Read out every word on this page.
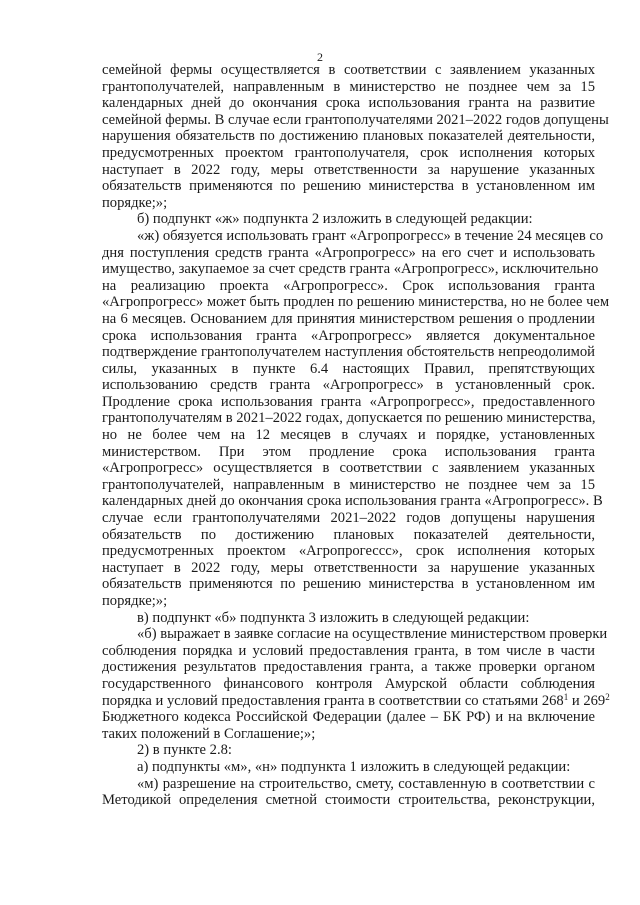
2
семейной фермы осуществляется в соответствии с заявлением указанных
грантополучателей, направленным в министерство не позднее чем за 15
календарных дней до окончания срока использования гранта на развитие
семейной фермы. В случае если грантополучателями 2021–2022 годов допущены
нарушения обязательств по достижению плановых показателей деятельности,
предусмотренных проектом грантополучателя, срок исполнения которых
наступает в 2022 году, меры ответственности за нарушение указанных
обязательств применяются по решению министерства в установленном им
порядке;»;
б) подпункт «ж» подпункта 2 изложить в следующей редакции:
«ж) обязуется использовать грант «Агропрогресс» в течение 24 месяцев со
дня поступления средств гранта «Агропрогресс» на его счет и использовать
имущество, закупаемое за счет средств гранта «Агропрогресс», исключительно
на реализацию проекта «Агропрогресс». Срок использования гранта
«Агропрогресс» может быть продлен по решению министерства, но не более чем
на 6 месяцев. Основанием для принятия министерством решения о продлении
срока использования гранта «Агропрогресс» является документальное
подтверждение грантополучателем наступления обстоятельств непреодолимой
силы, указанных в пункте 6.4 настоящих Правил, препятствующих
использованию средств гранта «Агропрогресс» в установленный срок.
Продление срока использования гранта «Агропрогресс», предоставленного
грантополучателям в 2021–2022 годах, допускается по решению министерства,
но не более чем на 12 месяцев в случаях и порядке, установленных
министерством. При этом продление срока использования гранта
«Агропрогресс» осуществляется в соответствии с заявлением указанных
грантополучателей, направленным в министерство не позднее чем за 15
календарных дней до окончания срока использования гранта «Агропрогресс». В
случае если грантополучателями 2021–2022 годов допущены нарушения
обязательств по достижению плановых показателей деятельности,
предусмотренных проектом «Агропрогессс», срок исполнения которых
наступает в 2022 году, меры ответственности за нарушение указанных
обязательств применяются по решению министерства в установленном им
порядке;»;
в) подпункт «б» подпункта 3 изложить в следующей редакции:
«б) выражает в заявке согласие на осуществление министерством проверки
соблюдения порядка и условий предоставления гранта, в том числе в части
достижения результатов предоставления гранта, а также проверки органом
государственного финансового контроля Амурской области соблюдения
порядка и условий предоставления гранта в соответствии со статьями $268^1$ и $269^2$
Бюджетного кодекса Российской Федерации (далее – БК РФ) и на включение
таких положений в Соглашение;»;
2) в пункте 2.8:
а) подпункты «м», «н» подпункта 1 изложить в следующей редакции:
«м) разрешение на строительство, смету, составленную в соответствии с
Методикой определения сметной стоимости строительства, реконструкции,
